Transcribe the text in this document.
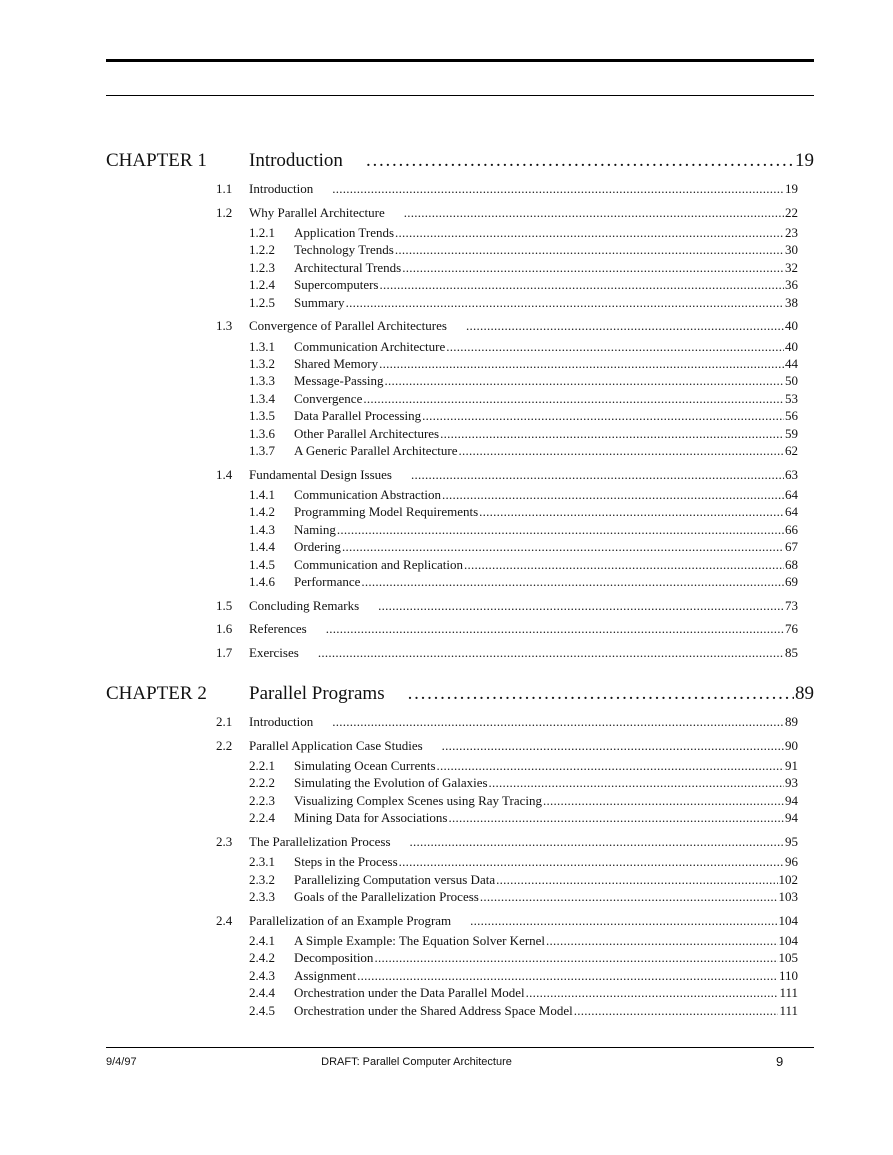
CHAPTER 1	Introduction . . .	19
1.1	Introduction . . .	19
1.2	Why Parallel Architecture . . .	22
1.2.1	Application Trends . . .	23
1.2.2	Technology Trends . . .	30
1.2.3	Architectural Trends . . .	32
1.2.4	Supercomputers . . .	36
1.2.5	Summary . . .	38
1.3	Convergence of Parallel Architectures . . .	40
1.3.1	Communication Architecture . . .	40
1.3.2	Shared Memory . . .	44
1.3.3	Message-Passing . . .	50
1.3.4	Convergence . . .	53
1.3.5	Data Parallel Processing . . .	56
1.3.6	Other Parallel Architectures . . .	59
1.3.7	A Generic Parallel Architecture . . .	62
1.4	Fundamental Design Issues . . .	63
1.4.1	Communication Abstraction . . .	64
1.4.2	Programming Model Requirements . . .	64
1.4.3	Naming . . .	66
1.4.4	Ordering . . .	67
1.4.5	Communication and Replication . . .	68
1.4.6	Performance . . .	69
1.5	Concluding Remarks . . .	73
1.6	References . . .	76
1.7	Exercises . . .	85
CHAPTER 2	Parallel Programs . . .	89
2.1	Introduction . . .	89
2.2	Parallel Application Case Studies . . .	90
2.2.1	Simulating Ocean Currents . . .	91
2.2.2	Simulating the Evolution of Galaxies . . .	93
2.2.3	Visualizing Complex Scenes using Ray Tracing . . .	94
2.2.4	Mining Data for Associations . . .	94
2.3	The Parallelization Process . . .	95
2.3.1	Steps in the Process . . .	96
2.3.2	Parallelizing Computation versus Data . . .	102
2.3.3	Goals of the Parallelization Process . . .	103
2.4	Parallelization of an Example Program . . .	104
2.4.1	A Simple Example: The Equation Solver Kernel . . .	104
2.4.2	Decomposition . . .	105
2.4.3	Assignment . . .	110
2.4.4	Orchestration under the Data Parallel Model . . .	111
2.4.5	Orchestration under the Shared Address Space Model . . .	111
9/4/97	DRAFT: Parallel Computer Architecture	9
